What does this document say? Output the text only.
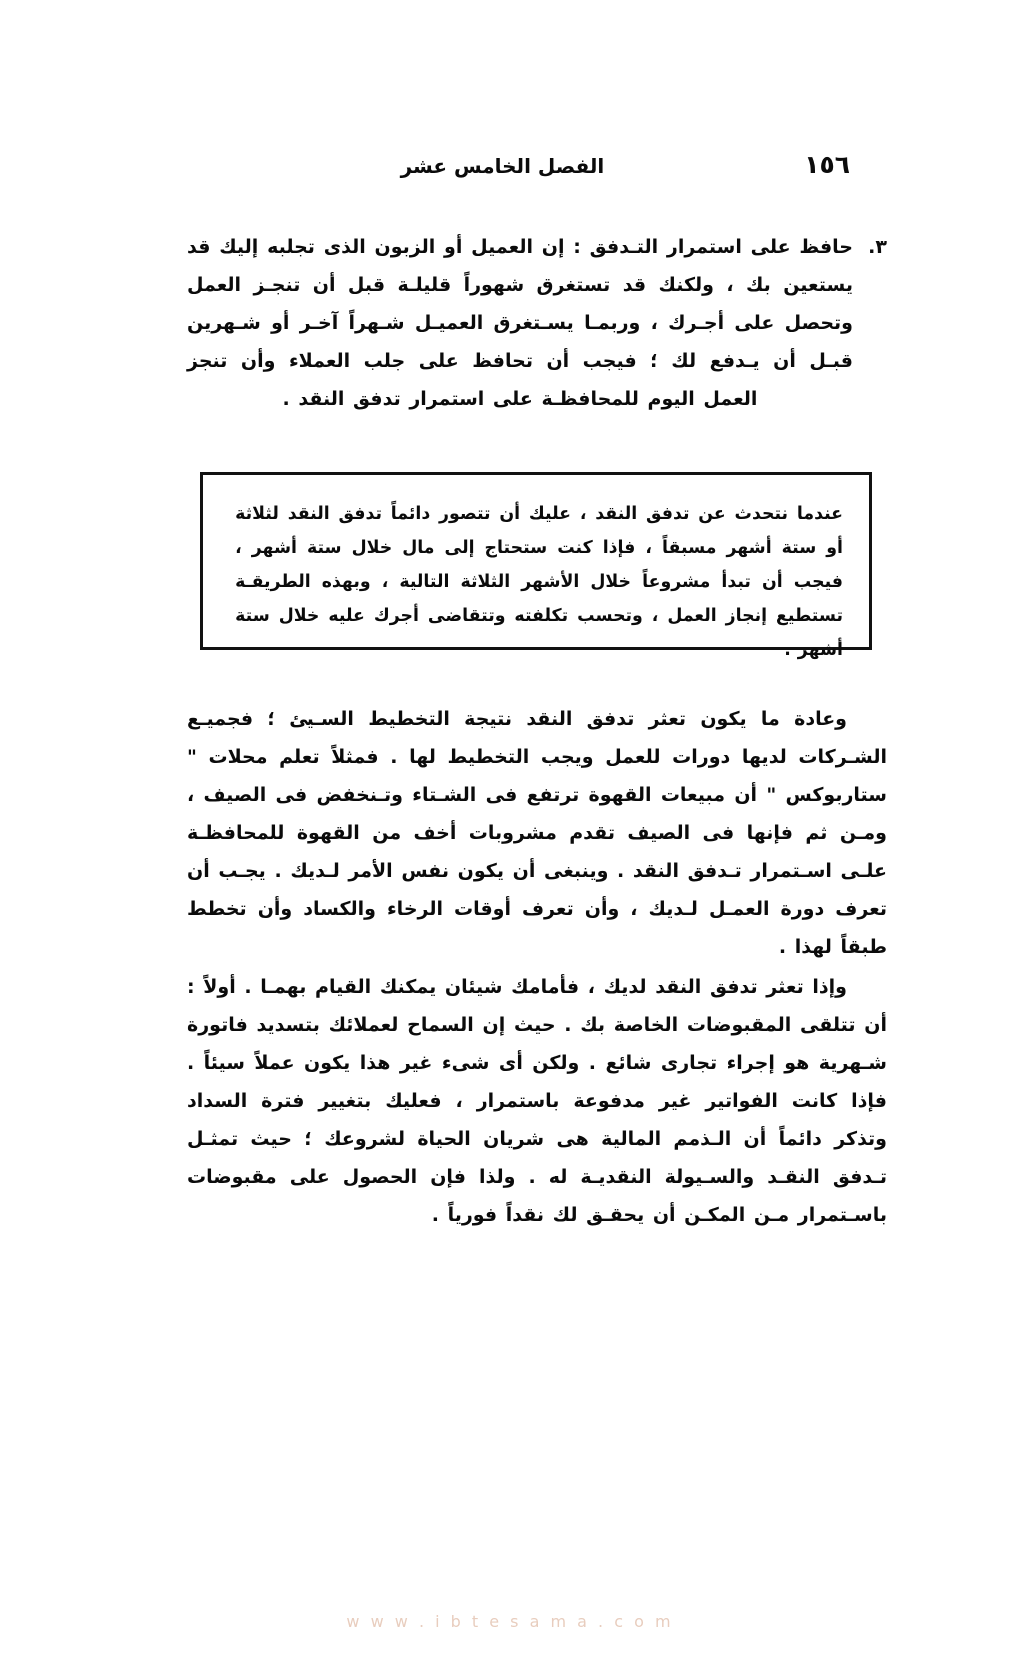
١٥٦
الفصل الخامس عشر
٣.

حافظ على استمرار التـدفق : إن العميل أو الزبون الذى تجلبه إليك قد يستعين بك ، ولكنك قد تستغرق شهوراً قليلـة قبل أن تنجـز العمل وتحصل على أجـرك ، وربمـا يسـتغرق العميـل شـهراً آخـر أو شـهرين قبـل أن يـدفع لك ؛ فيجب أن تحافظ على جلب العملاء وأن تنجز العمل اليوم للمحافظـة على استمرار تدفق النقد .

عندما نتحدث عن تدفق النقد ، عليك أن تتصور دائماً تدفق النقد لثلاثة أو ستة أشهر مسبقاً ، فإذا كنت ستحتاج إلى مال خلال ستة أشهر ، فيجب أن تبدأ مشروعاً خلال الأشهر الثلاثة التالية ، وبهذه الطريقـة تستطيع إنجاز العمل ، وتحسب تكلفته وتتقاضى أجرك عليه خلال ستة أشهر .

وعادة ما يكون تعثر تدفق النقد نتيجة التخطيط السـيئ ؛ فجميـع الشـركات لديها دورات للعمل ويجب التخطيط لها . فمثلاً تعلم محلات " ستاربوكس " أن مبيعات القهوة ترتفع فى الشـتاء وتـنخفض فى الصيف ، ومـن ثم فإنها فى الصيف تقدم مشروبات أخف من القهوة للمحافظـة علـى اسـتمرار تـدفق النقد . وينبغى أن يكون نفس الأمر لـديك . يجـب أن تعرف دورة العمـل لـديك ، وأن تعرف أوقات الرخاء والكساد وأن تخطط طبقاً لهذا .

وإذا تعثر تدفق النقد لديك ، فأمامك شيئان يمكنك القيام بهمـا . أولاً : أن تتلقى المقبوضات الخاصة بك . حيث إن السماح لعملائك بتسديد فاتورة شـهرية هو إجراء تجارى شائع . ولكن أى شىء غير هذا يكون عملاً سيئاً . فإذا كانت الفواتير غير مدفوعة باستمرار ، فعليك بتغيير فترة السداد وتذكر دائماً أن الـذمم المالية هى شريان الحياة لشروعك ؛ حيث تمثـل تـدفق النقـد والسـيولة النقديـة له . ولذا فإن الحصول على مقبوضات باسـتمرار مـن المكـن أن يحقـق لك نقداً فورياً .

w w w . i b t e s a m a . c o m
